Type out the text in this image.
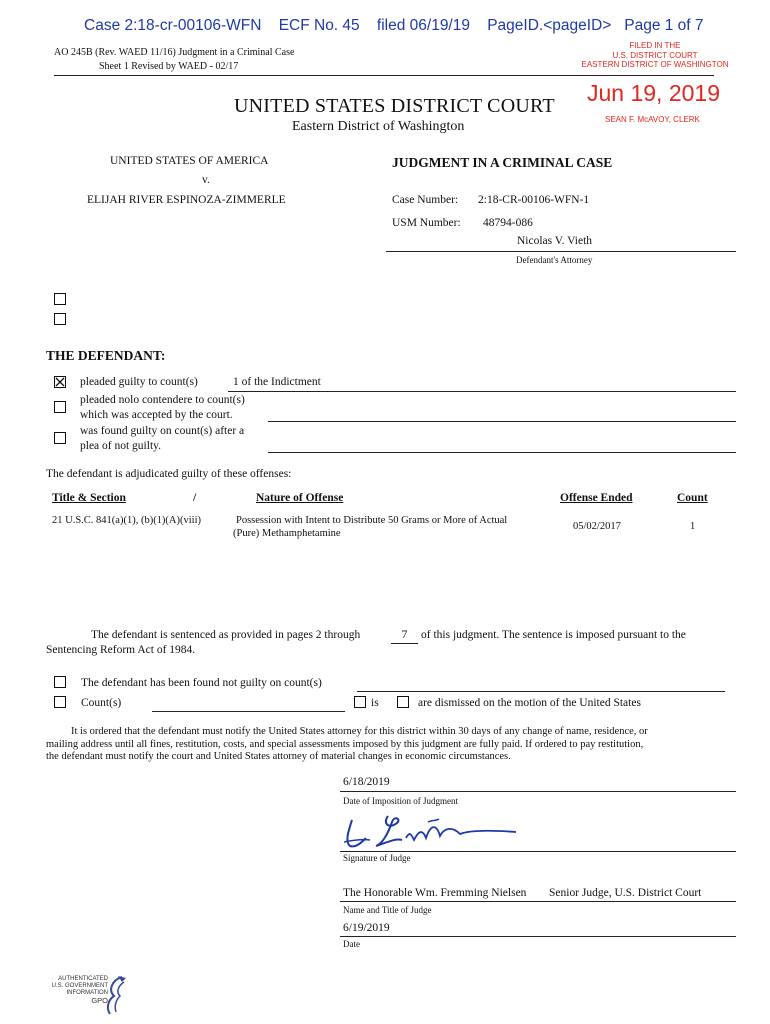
Case 2:18-cr-00106-WFN ECF No. 45 filed 06/19/19 PageID.<pageID> Page 1 of 7
FILED IN THE
U.S. DISTRICT COURT
EASTERN DISTRICT OF WASHINGTON
Jun 19, 2019
SEAN F. McAVOY, CLERK
AO 245B (Rev. WAED 11/16) Judgment in a Criminal Case
Sheet 1 Revised by WAED - 02/17
UNITED STATES DISTRICT COURT
Eastern District of Washington
UNITED STATES OF AMERICA
v.
ELIJAH RIVER ESPINOZA-ZIMMERLE
JUDGMENT IN A CRIMINAL CASE
Case Number: 2:18-CR-00106-WFN-1
USM Number: 48794-086
Nicolas V. Vieth
Defendant's Attorney
THE DEFENDANT:
pleaded guilty to count(s)	1 of the Indictment
pleaded nolo contendere to count(s)
which was accepted by the court.
was found guilty on count(s) after a
plea of not guilty.
The defendant is adjudicated guilty of these offenses:
Title & Section	/	Nature of Offense	Offense Ended	Count
21 U.S.C. 841(a)(1), (b)(1)(A)(viii)	Possession with Intent to Distribute 50 Grams or More of Actual
(Pure) Methamphetamine
05/02/2017	1
The defendant is sentenced as provided in pages 2 through	7	of this judgment. The sentence is imposed pursuant to the
Sentencing Reform Act of 1984.
The defendant has been found not guilty on count(s)
Count(s)	is	are dismissed on the motion of the United States
It is ordered that the defendant must notify the United States attorney for this district within 30 days of any change of name, residence, or
mailing address until all fines, restitution, costs, and special assessments imposed by this judgment are fully paid. If ordered to pay restitution,
the defendant must notify the court and United States attorney of material changes in economic circumstances.
6/18/2019
Date of Imposition of Judgment
Signature of Judge
The Honorable Wm. Fremming Nielsen Senior Judge, U.S. District Court
Name and Title of Judge
6/19/2019
Date
AUTHENTICATED
U.S. GOVERNMENT
INFORMATION
GPO
